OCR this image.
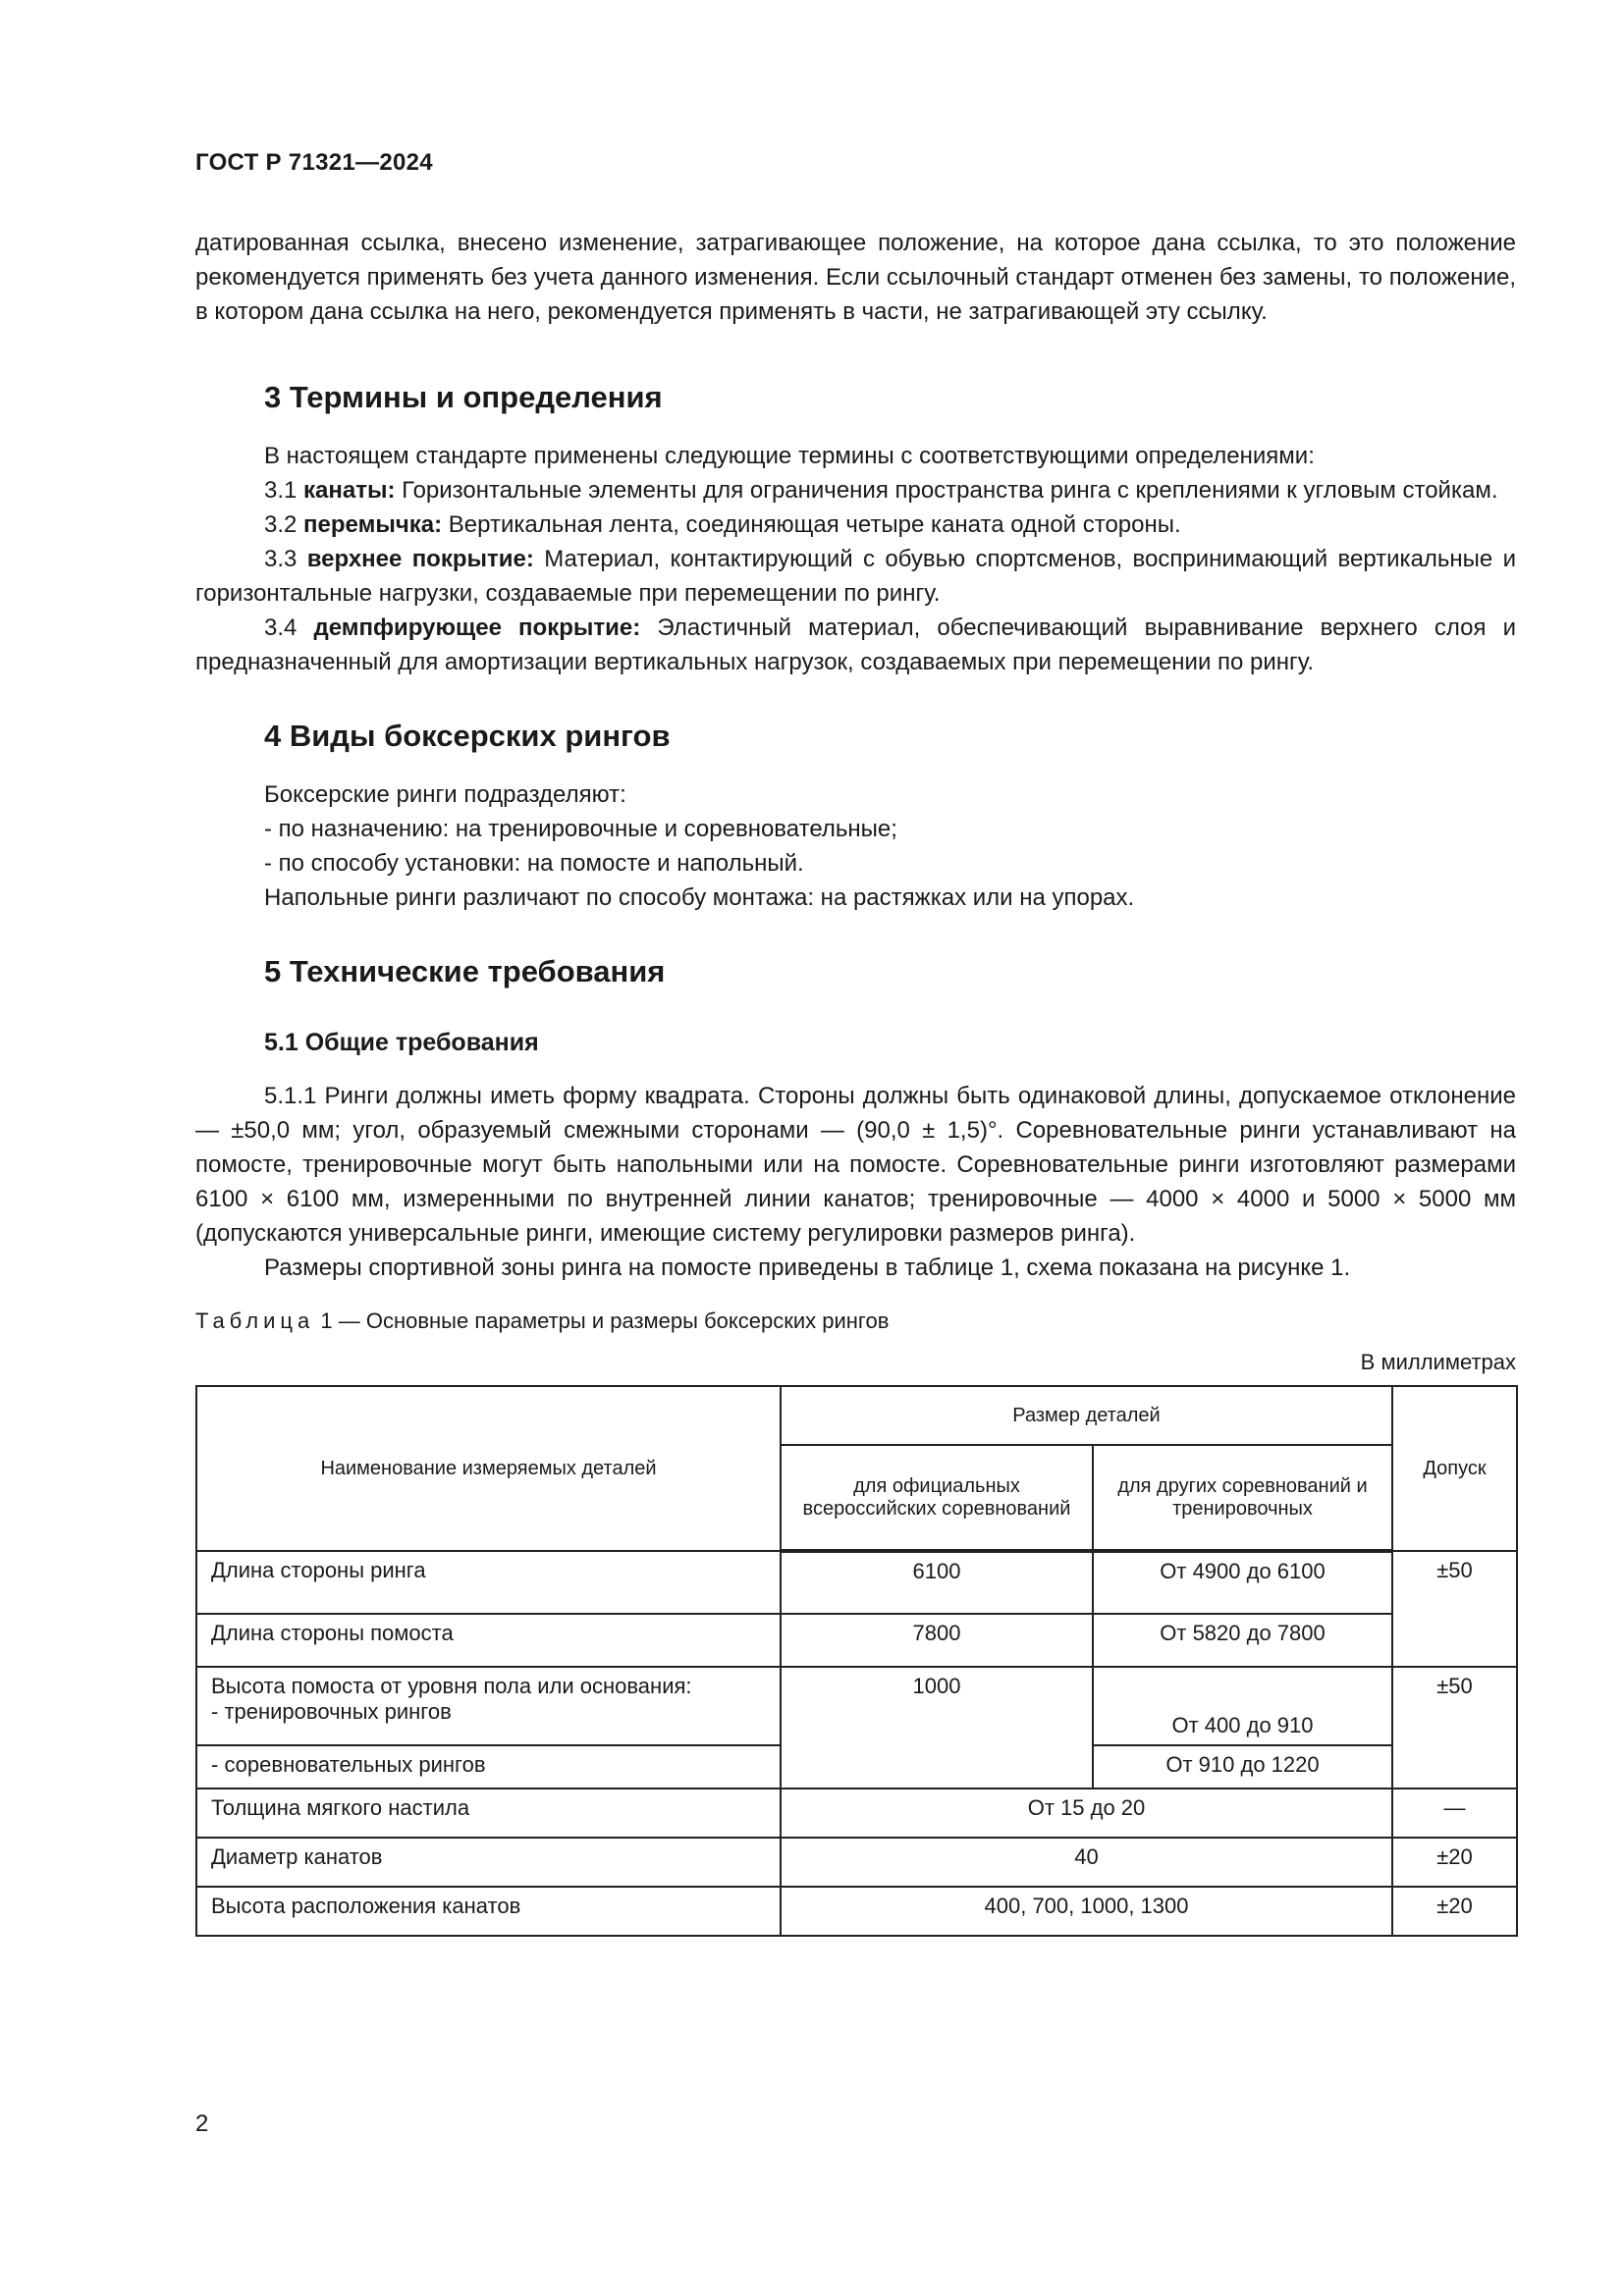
ГОСТ Р 71321—2024

датированная ссылка, внесено изменение, затрагивающее положение, на которое дана ссылка, то это положение рекомендуется применять без учета данного изменения. Если ссылочный стандарт отменен без замены, то положение, в котором дана ссылка на него, рекомендуется применять в части, не затрагивающей эту ссылку.

3 Термины и определения

В настоящем стандарте применены следующие термины с соответствующими определениями:

3.1 канаты: Горизонтальные элементы для ограничения пространства ринга с креплениями к угловым стойкам.

3.2 перемычка: Вертикальная лента, соединяющая четыре каната одной стороны.

3.3 верхнее покрытие: Материал, контактирующий с обувью спортсменов, воспринимающий вертикальные и горизонтальные нагрузки, создаваемые при перемещении по рингу.

3.4 демпфирующее покрытие: Эластичный материал, обеспечивающий выравнивание верхнего слоя и предназначенный для амортизации вертикальных нагрузок, создаваемых при перемещении по рингу.

4 Виды боксерских рингов

Боксерские ринги подразделяют:

- по назначению: на тренировочные и соревновательные;

- по способу установки: на помосте и напольный.

Напольные ринги различают по способу монтажа: на растяжках или на упорах.

5 Технические требования
5.1 Общие требования

5.1.1 Ринги должны иметь форму квадрата. Стороны должны быть одинаковой длины, допускаемое отклонение — ±50,0 мм; угол, образуемый смежными сторонами — (90,0 ± 1,5)°. Соревновательные ринги устанавливают на помосте, тренировочные могут быть напольными или на помосте. Соревновательные ринги изготовляют размерами 6100 × 6100 мм, измеренными по внутренней линии канатов; тренировочные — 4000 × 4000 и 5000 × 5000 мм (допускаются универсальные ринги, имеющие систему регулировки размеров ринга).

Размеры спортивной зоны ринга на помосте приведены в таблице 1, схема показана на рисунке 1.

Таблица 1 — Основные параметры и размеры боксерских рингов
В миллиметрах
Наименование измеряемых деталей	Размер деталей		Допуск
	для официальных всероссийских соревнований	для других соревнований и тренировочных	
Длина стороны ринга	6100	От 4900 до 6100	±50
Длина стороны помоста	7800	От 5820 до 7800	

Высота помоста от уровня пола или основания:
- тренировочных рингов	1000	От 400 до 910	±50
- соревновательных рингов		От 910 до 1220	
Толщина мягкого настила	От 15 до 20		—
Диаметр канатов	40		±20
Высота расположения канатов	400, 700, 1000, 1300		±20
2
